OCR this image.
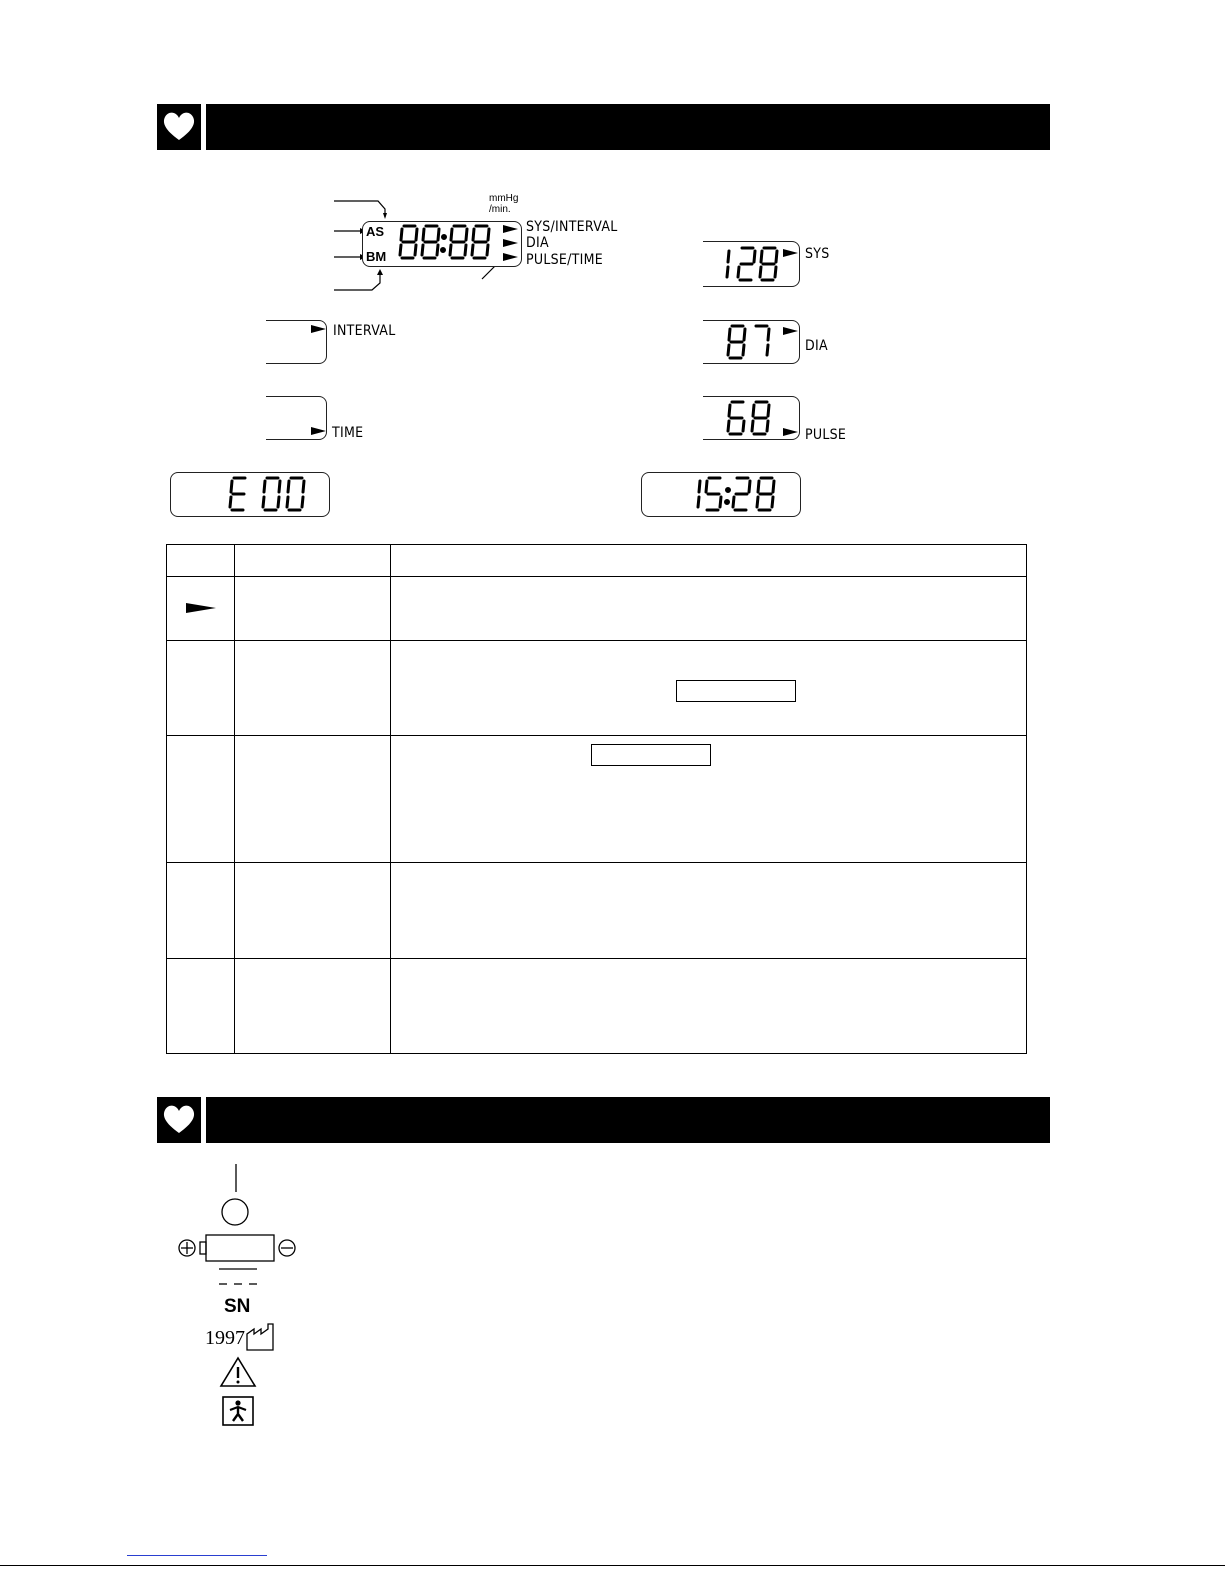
AS
BM
mmHg
/min.
SYS/INTERVAL
DIA
PULSE/TIME
INTERVAL
TIME
SYS
DIA
PULSE

SN
1997
